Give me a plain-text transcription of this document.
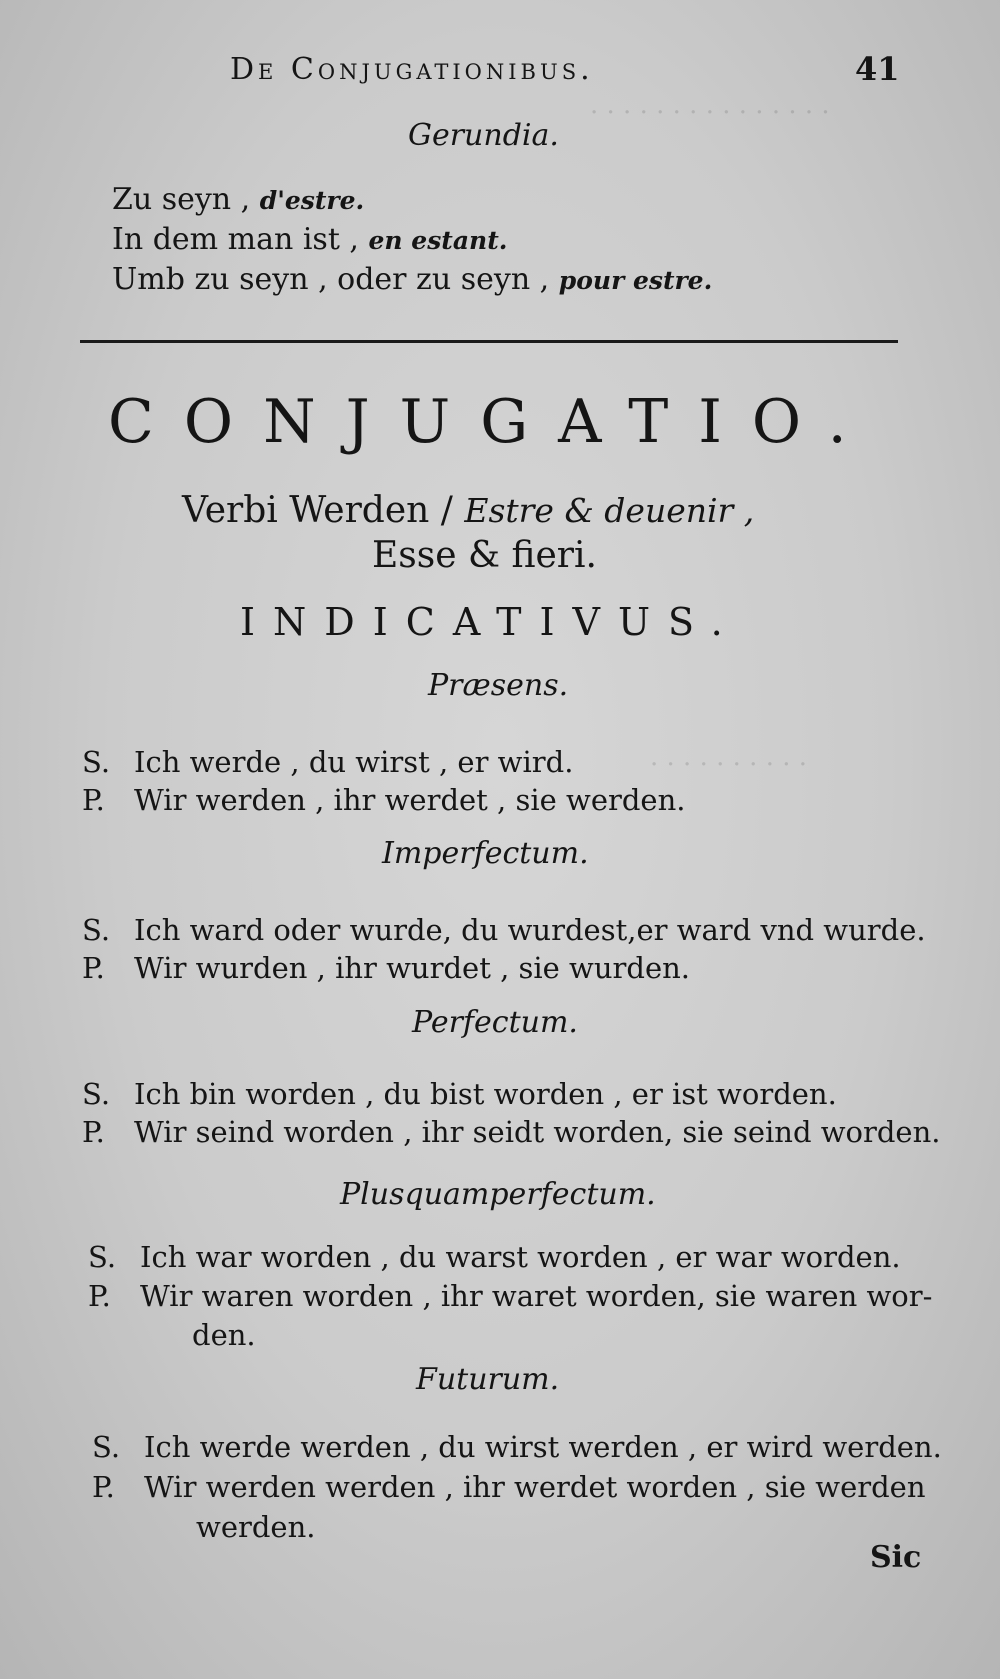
· · · · · · · · · · · · · · ·
· · · · · · · · · ·
De Conjugationibus.	41
Gerundia.
Zu seyn , d'estre.
In dem man ist , en estant.
Umb zu seyn , oder zu seyn , pour estre.
CONJUGATIO.
Verbi Werden / Estre & deuenir ,
Esse & fieri.
INDICATIVUS.
Præsens.
S. Ich werde , du wirst , er wird.
P. Wir werden , ihr werdet , sie werden.
Imperfectum.
S. Ich ward oder wurde, du wurdest,er ward vnd wurde.
P. Wir wurden , ihr wurdet , sie wurden.
Perfectum.
S. Ich bin worden , du bist worden , er ist worden.
P. Wir seind worden , ihr seidt worden, sie seind worden.
Plusquamperfectum.
S. Ich war worden , du warst worden , er war worden.
P. Wir waren worden , ihr waret worden, sie waren wor-
den.
Futurum.
S. Ich werde werden , du wirst werden , er wird werden.
P. Wir werden werden , ihr werdet worden , sie werden
werden.
Sic
